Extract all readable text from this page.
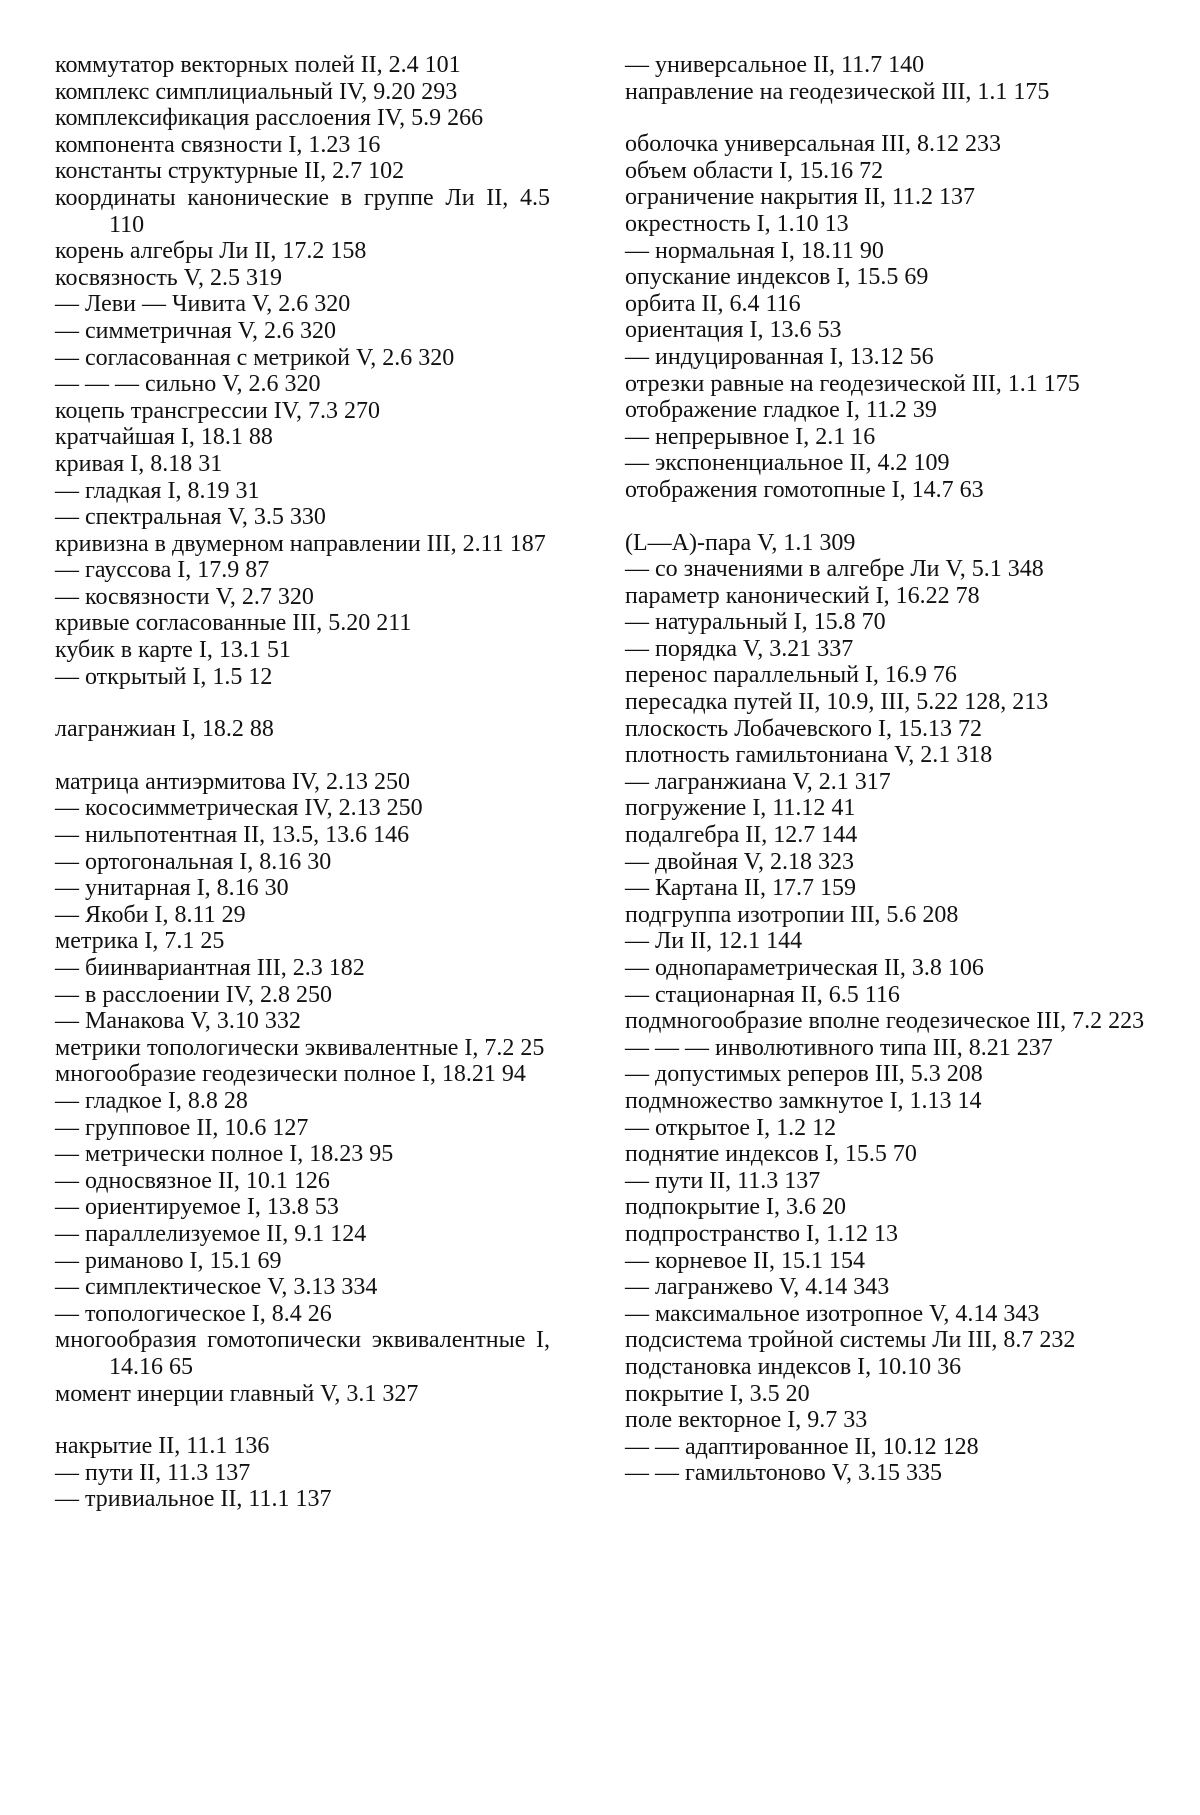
коммутатор векторных полей II, 2.4 101
комплекс симплициальный IV, 9.20 293
комплексификация расслоения IV, 5.9 266
компонента связности I, 1.23 16
константы структурные II, 2.7 102
координаты канонические в группе Ли II, 4.5 110
корень алгебры Ли II, 17.2 158
косвязность V, 2.5 319
— Леви — Чивита V, 2.6 320
— симметричная V, 2.6 320
— согласованная с метрикой V, 2.6 320
— — — сильно V, 2.6 320
коцепь трансгрессии IV, 7.3 270
кратчайшая I, 18.1 88
кривая I, 8.18 31
— гладкая I, 8.19 31
— спектральная V, 3.5 330
кривизна в двумерном направлении III, 2.11 187
— гауссова I, 17.9 87
— косвязности V, 2.7 320
кривые согласованные III, 5.20 211
кубик в карте I, 13.1 51
— открытый I, 1.5 12
лагранжиан I, 18.2 88
матрица антиэрмитова IV, 2.13 250
— кососимметрическая IV, 2.13 250
— нильпотентная II, 13.5, 13.6 146
— ортогональная I, 8.16 30
— унитарная I, 8.16 30
— Якоби I, 8.11 29
метрика I, 7.1 25
— биинвариантная III, 2.3 182
— в расслоении IV, 2.8 250
— Манакова V, 3.10 332
метрики топологически эквивалентные I, 7.2 25
многообразие геодезически полное I, 18.21 94
— гладкое I, 8.8 28
— групповое II, 10.6 127
— метрически полное I, 18.23 95
— односвязное II, 10.1 126
— ориентируемое I, 13.8 53
— параллелизуемое II, 9.1 124
— риманово I, 15.1 69
— симплектическое V, 3.13 334
— топологическое I, 8.4 26
многообразия гомотопически эквивалентные I, 14.16 65
момент инерции главный V, 3.1 327
накрытие II, 11.1 136
— пути II, 11.3 137
— тривиальное II, 11.1 137
— универсальное II, 11.7 140
направление на геодезической III, 1.1 175
оболочка универсальная III, 8.12 233
объем области I, 15.16 72
ограничение накрытия II, 11.2 137
окрестность I, 1.10 13
— нормальная I, 18.11 90
опускание индексов I, 15.5 69
орбита II, 6.4 116
ориентация I, 13.6 53
— индуцированная I, 13.12 56
отрезки равные на геодезической III, 1.1 175
отображение гладкое I, 11.2 39
— непрерывное I, 2.1 16
— экспоненциальное II, 4.2 109
отображения гомотопные I, 14.7 63
(L—A)-пара V, 1.1 309
— со значениями в алгебре Ли V, 5.1 348
параметр канонический I, 16.22 78
— натуральный I, 15.8 70
— порядка V, 3.21 337
перенос параллельный I, 16.9 76
пересадка путей II, 10.9, III, 5.22 128, 213
плоскость Лобачевского I, 15.13 72
плотность гамильтониана V, 2.1 318
— лагранжиана V, 2.1 317
погружение I, 11.12 41
подалгебра II, 12.7 144
— двойная V, 2.18 323
— Картана II, 17.7 159
подгруппа изотропии III, 5.6 208
— Ли II, 12.1 144
— однопараметрическая II, 3.8 106
— стационарная II, 6.5 116
подмногообразие вполне геодезическое III, 7.2 223
— — — инволютивного типа III, 8.21 237
— допустимых реперов III, 5.3 208
подмножество замкнутое I, 1.13 14
— открытое I, 1.2 12
поднятие индексов I, 15.5 70
— пути II, 11.3 137
подпокрытие I, 3.6 20
подпространство I, 1.12 13
— корневое II, 15.1 154
— лагранжево V, 4.14 343
— максимальное изотропное V, 4.14 343
подсистема тройной системы Ли III, 8.7 232
подстановка индексов I, 10.10 36
покрытие I, 3.5 20
поле векторное I, 9.7 33
— — адаптированное II, 10.12 128
— — гамильтоново V, 3.15 335
